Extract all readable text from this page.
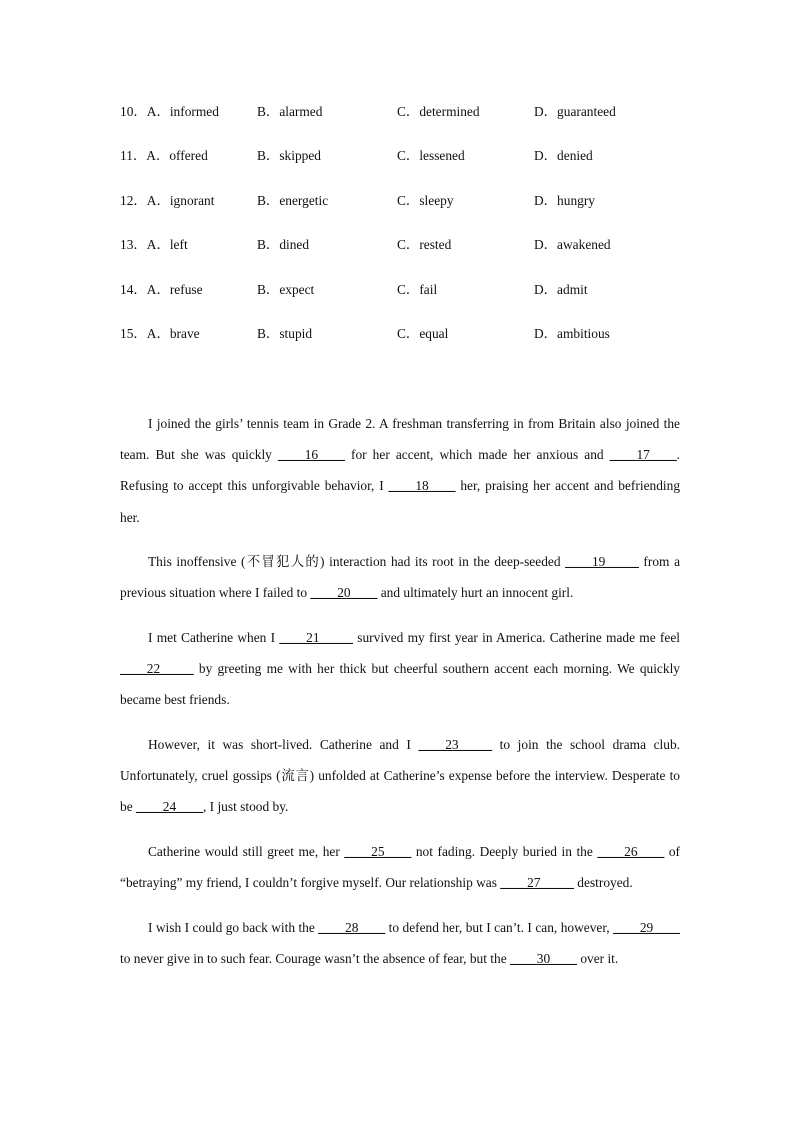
10．A．informed	B．alarmed	C．determined	D．guaranteed
11．A．offered	B．skipped	C．lessened	D．denied
12．A．ignorant	B．energetic	C．sleepy	D．hungry
13．A．left	B．dined	C．rested	D．awakened
14．A．refuse	B．expect	C．fail	D．admit
15．A．brave	B．stupid	C．equal	D．ambitious

I joined the girls’ tennis team in Grade 2. A freshman transferring in from Britain also joined the team. But she was quickly ____16____ for her accent, which made her anxious and ____17____. Refusing to accept this unforgivable behavior, I ____18____ her, praising her accent and befriending her.

This inoffensive (不冒犯人的) interaction had its root in the deep-seeded ____19_____ from a previous situation where I failed to ____20____ and ultimately hurt an innocent girl.

I met Catherine when I ____21_____ survived my first year in America. Catherine made me feel ____22_____ by greeting me with her thick but cheerful southern accent each morning. We quickly became best friends.

However, it was short-lived. Catherine and I ____23_____ to join the school drama club. Unfortunately, cruel gossips (流言) unfolded at Catherine’s expense before the interview. Desperate to be ____24____, I just stood by.

Catherine would still greet me, her ____25____ not fading. Deeply buried in the ____26____ of “betraying” my friend, I couldn’t forgive myself. Our relationship was ____27_____ destroyed.

I wish I could go back with the ____28____ to defend her, but I can’t. I can, however, ____29____ to never give in to such fear. Courage wasn’t the absence of fear, but the ____30____ over it.
